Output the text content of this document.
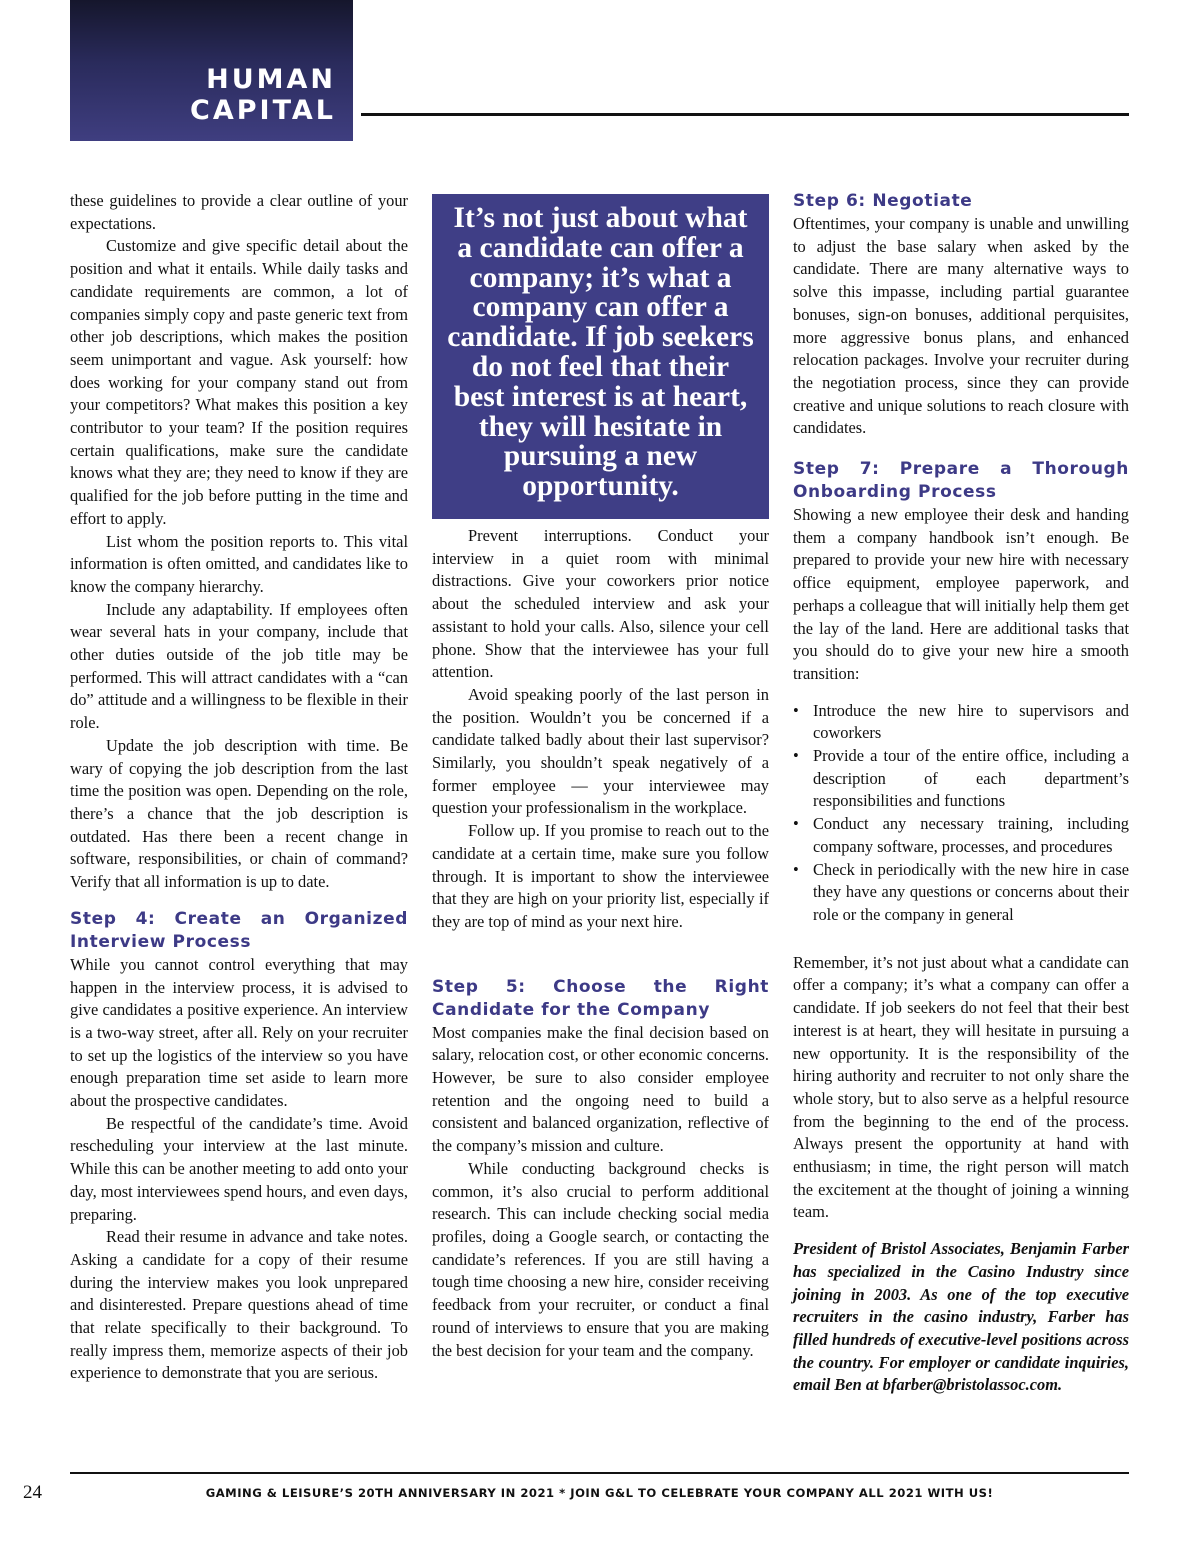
HUMAN
CAPITAL

these guidelines to provide a clear outline of your expectations.

Customize and give specific detail about the position and what it entails. While daily tasks and candidate requirements are common, a lot of companies simply copy and paste generic text from other job descriptions, which makes the position seem unimportant and vague. Ask yourself: how does working for your company stand out from your competitors? What makes this position a key contributor to your team? If the position requires certain qualifications, make sure the candidate knows what they are; they need to know if they are qualified for the job before putting in the time and effort to apply.

List whom the position reports to. This vital information is often omitted, and candidates like to know the company hierarchy.

Include any adaptability. If employees often wear several hats in your company, include that other duties outside of the job title may be performed. This will attract candidates with a “can do” attitude and a willingness to be flexible in their role.

Update the job description with time. Be wary of copying the job description from the last time the position was open. Depending on the role, there’s a chance that the job description is outdated. Has there been a recent change in software, responsibilities, or chain of command? Verify that all information is up to date.

Step 4: Create an Organized Interview Process

While you cannot control everything that may happen in the interview process, it is advised to give candidates a positive experience. An interview is a two-way street, after all. Rely on your recruiter to set up the logistics of the interview so you have enough preparation time set aside to learn more about the prospective candidates.

Be respectful of the candidate’s time. Avoid rescheduling your interview at the last minute. While this can be another meeting to add onto your day, most interviewees spend hours, and even days, preparing.

Read their resume in advance and take notes. Asking a candidate for a copy of their resume during the interview makes you look unprepared and disinterested. Prepare questions ahead of time that relate specifically to their background. To really impress them, memorize aspects of their job experience to demonstrate that you are serious.

It’s not just about what a candidate can offer a company; it’s what a company can offer a candidate. If job seekers do not feel that their best interest is at heart, they will hesitate in pursuing a new opportunity.

Prevent interruptions. Conduct your interview in a quiet room with minimal distractions. Give your coworkers prior notice about the scheduled interview and ask your assistant to hold your calls. Also, silence your cell phone. Show that the interviewee has your full attention.

Avoid speaking poorly of the last person in the position. Wouldn’t you be concerned if a candidate talked badly about their last supervisor? Similarly, you shouldn’t speak negatively of a former employee — your interviewee may question your professionalism in the workplace.

Follow up. If you promise to reach out to the candidate at a certain time, make sure you follow through. It is important to show the interviewee that they are high on your priority list, especially if they are top of mind as your next hire.

Step 5: Choose the Right Candidate for the Company

Most companies make the final decision based on salary, relocation cost, or other economic concerns. However, be sure to also consider employee retention and the ongoing need to build a consistent and balanced organization, reflective of the company’s mission and culture.

While conducting background checks is common, it’s also crucial to perform additional research. This can include checking social media profiles, doing a Google search, or contacting the candidate’s references. If you are still having a tough time choosing a new hire, consider receiving feedback from your recruiter, or conduct a final round of interviews to ensure that you are making the best decision for your team and the company.

Step 6: Negotiate

Oftentimes, your company is unable and unwilling to adjust the base salary when asked by the candidate. There are many alternative ways to solve this impasse, including partial guarantee bonuses, sign-on bonuses, additional perquisites, more aggressive bonus plans, and enhanced relocation packages. Involve your recruiter during the negotiation process, since they can provide creative and unique solutions to reach closure with candidates.

Step 7: Prepare a Thorough Onboarding Process

Showing a new employee their desk and handing them a company handbook isn’t enough. Be prepared to provide your new hire with necessary office equipment, employee paperwork, and perhaps a colleague that will initially help them get the lay of the land. Here are additional tasks that you should do to give your new hire a smooth transition:

• Introduce the new hire to supervisors and coworkers
• Provide a tour of the entire office, including a description of each department’s responsibilities and functions
• Conduct any necessary training, including company software, processes, and procedures
• Check in periodically with the new hire in case they have any questions or concerns about their role or the company in general

Remember, it’s not just about what a candidate can offer a company; it’s what a company can offer a candidate. If job seekers do not feel that their best interest is at heart, they will hesitate in pursuing a new opportunity. It is the responsibility of the hiring authority and recruiter to not only share the whole story, but to also serve as a helpful resource from the beginning to the end of the process. Always present the opportunity at hand with enthusiasm; in time, the right person will match the excitement at the thought of joining a winning team.

President of Bristol Associates, Benjamin Farber has specialized in the Casino Industry since joining in 2003. As one of the top executive recruiters in the casino industry, Farber has filled hundreds of executive-level positions across the country. For employer or candidate inquiries, email Ben at bfarber@bristolassoc.com.

24	GAMING & LEISURE’S 20TH ANNIVERSARY IN 2021 * JOIN G&L TO CELEBRATE YOUR COMPANY ALL 2021 WITH US!
